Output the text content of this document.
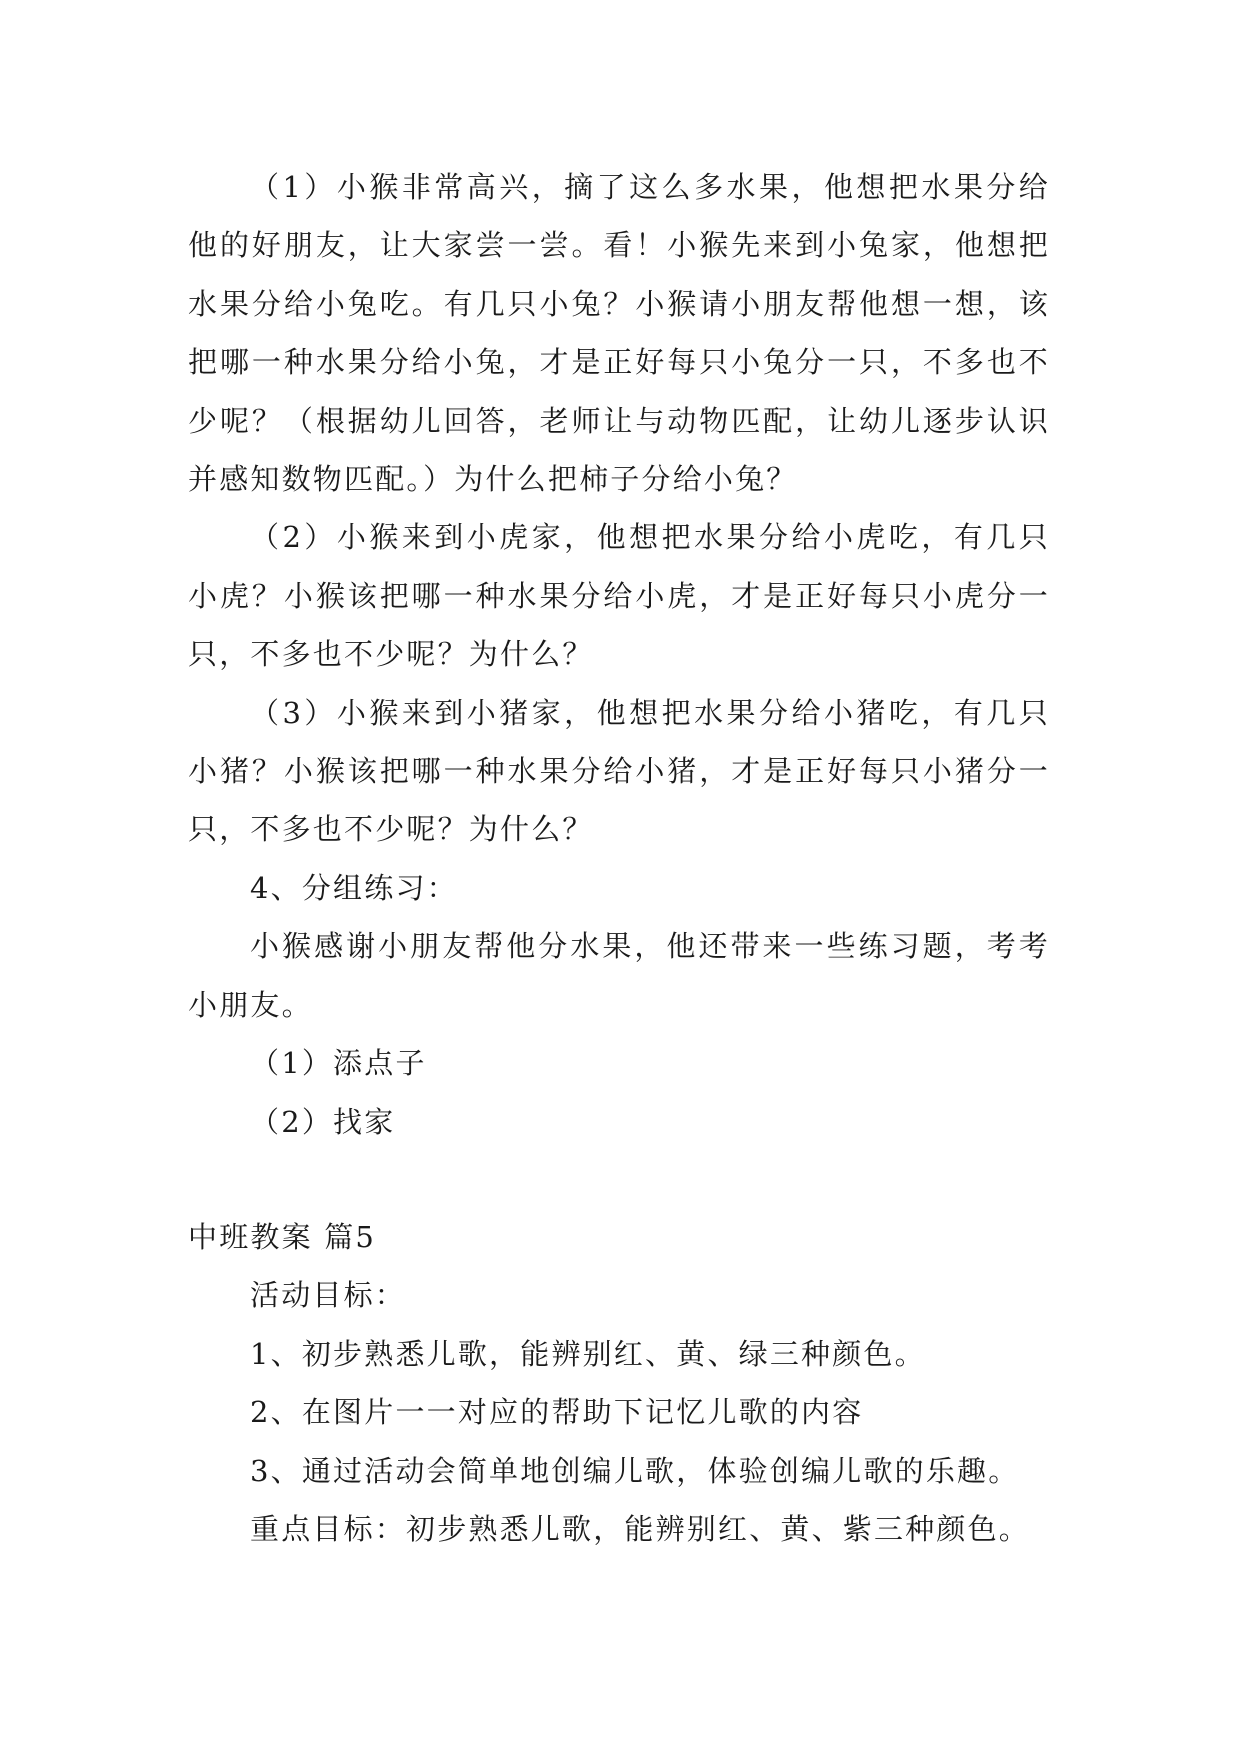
（1）小猴非常高兴，摘了这么多水果，他想把水果分给他的好朋友，让大家尝一尝。看！小猴先来到小兔家，他想把水果分给小兔吃。有几只小兔？小猴请小朋友帮他想一想，该把哪一种水果分给小兔，才是正好每只小兔分一只，不多也不少呢？（根据幼儿回答，老师让与动物匹配，让幼儿逐步认识并感知数物匹配。）为什么把柿子分给小兔？

（2）小猴来到小虎家，他想把水果分给小虎吃，有几只小虎？小猴该把哪一种水果分给小虎，才是正好每只小虎分一只，不多也不少呢？为什么？

（3）小猴来到小猪家，他想把水果分给小猪吃，有几只小猪？小猴该把哪一种水果分给小猪，才是正好每只小猪分一只，不多也不少呢？为什么？

4、分组练习：

小猴感谢小朋友帮他分水果，他还带来一些练习题，考考小朋友。

（1）添点子

（2）找家

中班教案 篇5

活动目标：

1、初步熟悉儿歌，能辨别红、黄、绿三种颜色。

2、在图片一一对应的帮助下记忆儿歌的内容

3、通过活动会简单地创编儿歌，体验创编儿歌的乐趣。

重点目标：初步熟悉儿歌，能辨别红、黄、紫三种颜色。
